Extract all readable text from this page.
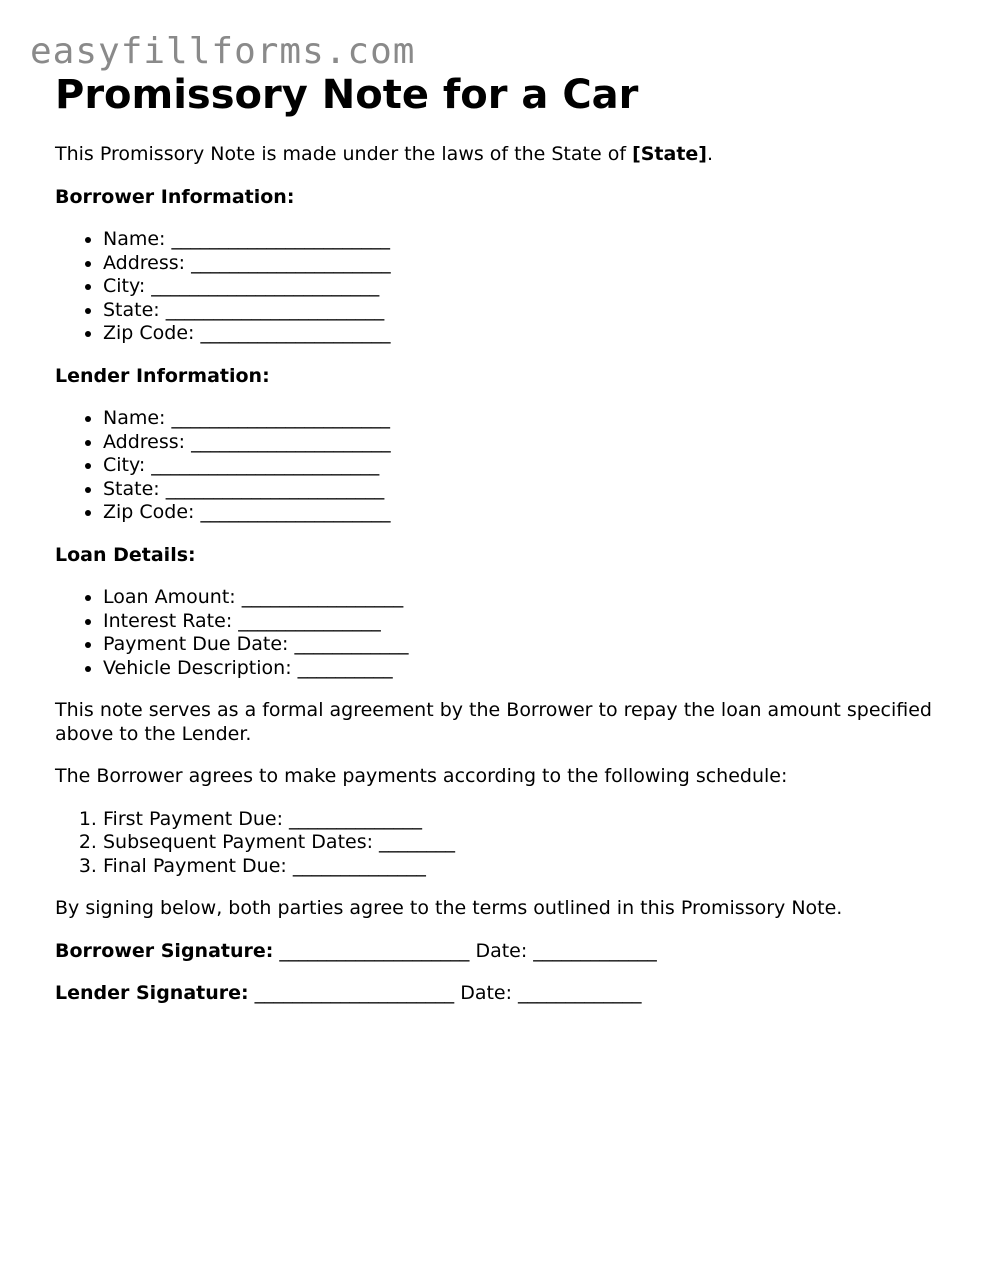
easyfillforms.com
Promissory Note for a Car

This Promissory Note is made under the laws of the State of [State].

Borrower Information:

• Name: _______________________
• Address: _____________________
• City: ________________________
• State: _______________________
• Zip Code: ____________________

Lender Information:

• Name: _______________________
• Address: _____________________
• City: ________________________
• State: _______________________
• Zip Code: ____________________

Loan Details:

• Loan Amount: _________________
• Interest Rate: _______________
• Payment Due Date: ____________
• Vehicle Description: __________

This note serves as a formal agreement by the Borrower to repay the loan amount specified above to the Lender.

The Borrower agrees to make payments according to the following schedule:

1. First Payment Due: ______________
2. Subsequent Payment Dates: ________
3. Final Payment Due: ______________

By signing below, both parties agree to the terms outlined in this Promissory Note.

Borrower Signature: ____________________ Date: _____________

Lender Signature: _____________________ Date: _____________
